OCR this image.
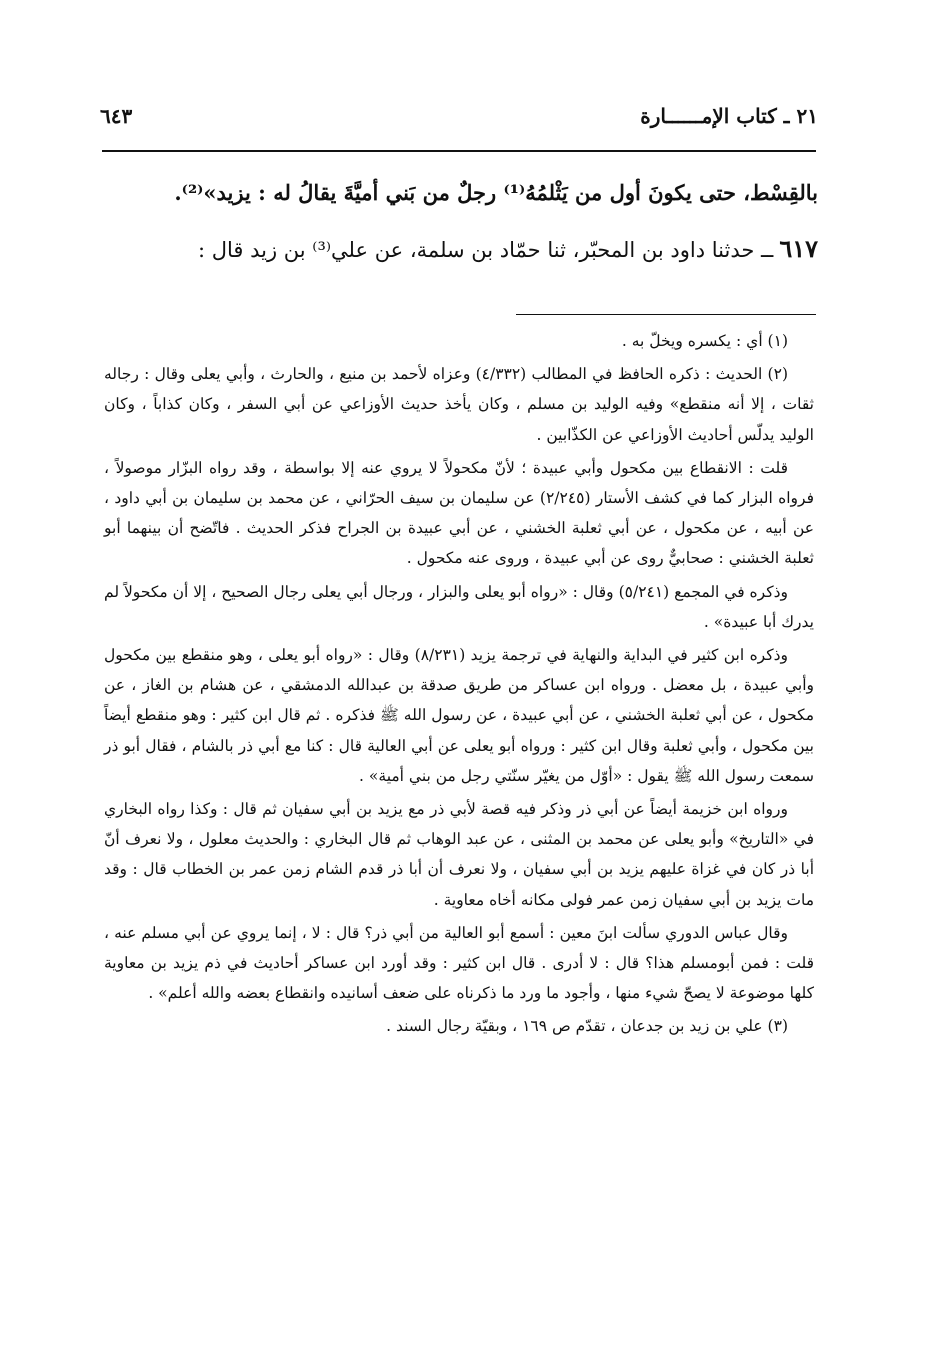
٢١ ـ كتاب الإمــــــارة
٦٤٣

بالقِسْط، حتى يكونَ أول من يَثْلمُهُ⁽¹⁾ رجلٌ من بَني أميَّةَ يقالُ له : يزيد»⁽²⁾.

٦١٧ــ حدثنا داود بن المحبّر، ثنا حمّاد بن سلمة، عن علي⁽³⁾ بن زيد قال :

(١) أي : يكسره ويخلّ به .

(٢) الحديث : ذكره الحافظ في المطالب (٤/٣٣٢) وعزاه لأحمد بن منيع ، والحارث ، وأبي يعلى وقال : رجاله ثقات ، إلا أنه منقطع» وفيه الوليد بن مسلم ، وكان يأخذ حديث الأوزاعي عن أبي السفر ، وكان كذاباً ، وكان الوليد يدلّس أحاديث الأوزاعي عن الكذّابين .

قلت : الانقطاع بين مكحول وأبي عبيدة ؛ لأنّ مكحولاً لا يروي عنه إلا بواسطة ، وقد رواه البزّار موصولاً ، فرواه البزار كما في كشف الأستار (٢/٢٤٥) عن سليمان بن سيف الحرّاني ، عن محمد بن سليمان بن أبي داود ، عن أبيه ، عن مكحول ، عن أبي ثعلبة الخشني ، عن أبي عبيدة بن الجراح فذكر الحديث . فاتّضح أن بينهما أبو ثعلبة الخشني : صحابيٌّ روى عن أبي عبيدة ، وروى عنه مكحول .

وذكره في المجمع (٥/٢٤١) وقال : «رواه أبو يعلى والبزار ، ورجال أبي يعلى رجال الصحيح ، إلا أن مكحولاً لم يدرك أبا عبيدة» .

وذكره ابن كثير في البداية والنهاية في ترجمة يزيد (٨/٢٣١) وقال : «رواه أبو يعلى ، وهو منقطع بين مكحول وأبي عبيدة ، بل معضل . ورواه ابن عساكر من طريق صدقة بن عبدالله الدمشقي ، عن هشام بن الغاز ، عن مكحول ، عن أبي ثعلبة الخشني ، عن أبي عبيدة ، عن رسول الله ﷺ فذكره . ثم قال ابن كثير : وهو منقطع أيضاً بين مكحول ، وأبي ثعلبة وقال ابن كثير : ورواه أبو يعلى عن أبي العالية قال : كنا مع أبي ذر بالشام ، فقال أبو ذر سمعت رسول الله ﷺ يقول : «أوّل من يغيّر سنّتي رجل من بني أمية» .

ورواه ابن خزيمة أيضاً عن أبي ذر وذكر فيه قصة لأبي ذر مع يزيد بن أبي سفيان ثم قال : وكذا رواه البخاري في «التاريخ» وأبو يعلى عن محمد بن المثنى ، عن عبد الوهاب ثم قال البخاري : والحديث معلول ، ولا نعرف أنّ أبا ذر كان في غزاة عليهم يزيد بن أبي سفيان ، ولا نعرف أن أبا ذر قدم الشام زمن عمر بن الخطاب قال : وقد مات يزيد بن أبي سفيان زمن عمر فولى مكانه أخاه معاوية .

وقال عباس الدوري سألت ابنَ معين : أسمع أبو العالية من أبي ذر؟ قال : لا ، إنما يروي عن أبي مسلم عنه ، قلت : فمن أبومسلم هذا؟ قال : لا أدرى . قال ابن كثير : وقد أورد ابن عساكر أحاديث في ذم يزيد بن معاوية كلها موضوعة لا يصحّ شيء منها ، وأجود ما ورد ما ذكرناه على ضعف أسانيده وانقطاع بعضه والله أعلم» .

(٣) علي بن زيد بن جدعان ، تقدّم ص ١٦٩ ، وبقيّة رجال السند .
